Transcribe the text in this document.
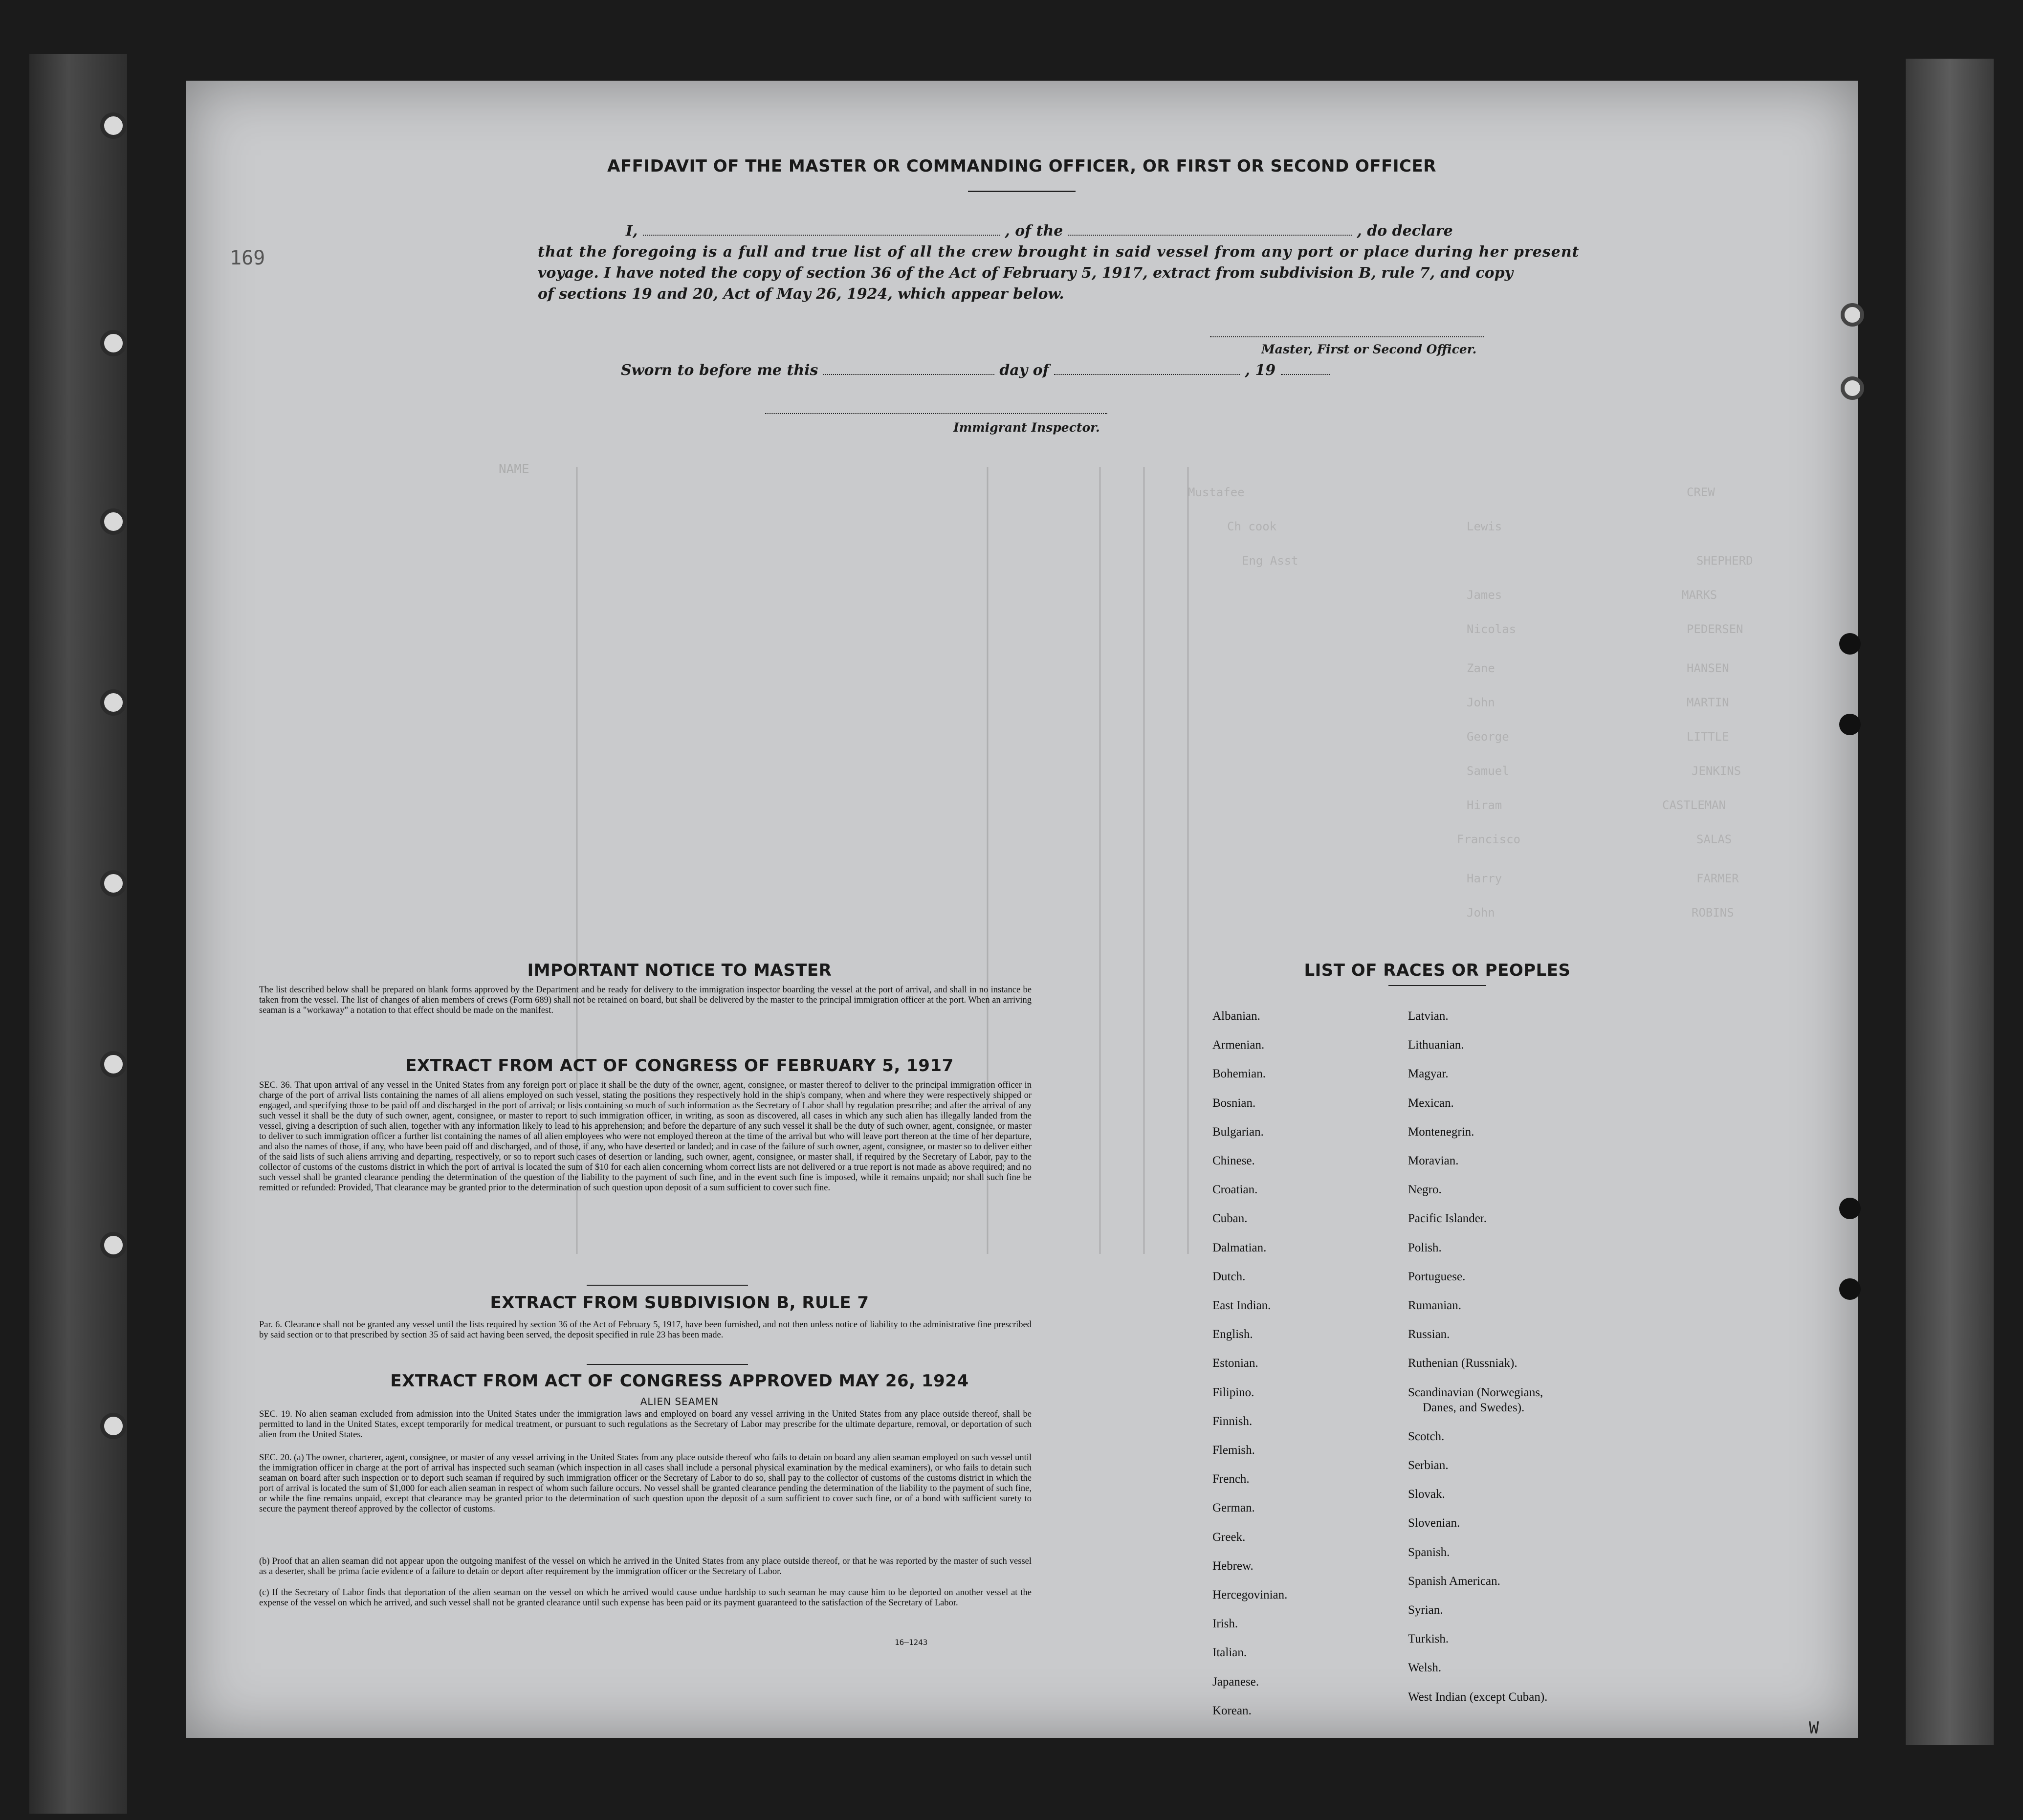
NAME
Mustafee	CREW
Ch cook	Lewis
Eng Asst	SHEPHERD
James	MARKS
Nicolas	PEDERSEN
Zane	HANSEN
John	MARTIN
George	LITTLE
Samuel	JENKINS
Hiram	CASTLEMAN
Francisco	SALAS
Harry	FARMER
John	ROBINS
169
W
AFFIDAVIT OF THE MASTER OR COMMANDING OFFICER, OR FIRST OR SECOND OFFICER
I,	, of the	, do declare
that the foregoing is a full and true list of all the crew brought in said vessel from any port or place during her present
voyage. I have noted the copy of section 36 of the Act of February 5, 1917, extract from subdivision B, rule 7, and copy
of sections 19 and 20, Act of May 26, 1924, which appear below.
Master, First or Second Officer.
Sworn to before me this	day of	, 19
Immigrant Inspector.
IMPORTANT NOTICE TO MASTER
The list described below shall be prepared on blank forms approved by the Department and be ready for delivery to the immigration inspector boarding the vessel at the port of arrival, and shall in no instance be taken from the vessel. The list of changes of alien members of crews (Form 689) shall not be retained on board, but shall be delivered by the master to the principal immigration officer at the port. When an arriving seaman is a "workaway" a notation to that effect should be made on the manifest.
EXTRACT FROM ACT OF CONGRESS OF FEBRUARY 5, 1917
SEC. 36. That upon arrival of any vessel in the United States from any foreign port or place it shall be the duty of the owner, agent, consignee, or master thereof to deliver to the principal immigration officer in charge of the port of arrival lists containing the names of all aliens employed on such vessel, stating the positions they respectively hold in the ship's company, when and where they were respectively shipped or engaged, and specifying those to be paid off and discharged in the port of arrival; or lists containing so much of such information as the Secretary of Labor shall by regulation prescribe; and after the arrival of any such vessel it shall be the duty of such owner, agent, consignee, or master to report to such immigration officer, in writing, as soon as discovered, all cases in which any such alien has illegally landed from the vessel, giving a description of such alien, together with any information likely to lead to his apprehension; and before the departure of any such vessel it shall be the duty of such owner, agent, consignee, or master to deliver to such immigration officer a further list containing the names of all alien employees who were not employed thereon at the time of the arrival but who will leave port thereon at the time of her departure, and also the names of those, if any, who have been paid off and discharged, and of those, if any, who have deserted or landed; and in case of the failure of such owner, agent, consignee, or master so to deliver either of the said lists of such aliens arriving and departing, respectively, or so to report such cases of desertion or landing, such owner, agent, consignee, or master shall, if required by the Secretary of Labor, pay to the collector of customs of the customs district in which the port of arrival is located the sum of $10 for each alien concerning whom correct lists are not delivered or a true report is not made as above required; and no such vessel shall be granted clearance pending the determination of the question of the liability to the payment of such fine, and in the event such fine is imposed, while it remains unpaid; nor shall such fine be remitted or refunded: Provided, That clearance may be granted prior to the determination of such question upon deposit of a sum sufficient to cover such fine.
EXTRACT FROM SUBDIVISION B, RULE 7
Par. 6. Clearance shall not be granted any vessel until the lists required by section 36 of the Act of February 5, 1917, have been furnished, and not then unless notice of liability to the administrative fine prescribed by said section or to that prescribed by section 35 of said act having been served, the deposit specified in rule 23 has been made.
EXTRACT FROM ACT OF CONGRESS APPROVED MAY 26, 1924
ALIEN SEAMEN
SEC. 19. No alien seaman excluded from admission into the United States under the immigration laws and employed on board any vessel arriving in the United States from any place outside thereof, shall be permitted to land in the United States, except temporarily for medical treatment, or pursuant to such regulations as the Secretary of Labor may prescribe for the ultimate departure, removal, or deportation of such alien from the United States.
SEC. 20. (a) The owner, charterer, agent, consignee, or master of any vessel arriving in the United States from any place outside thereof who fails to detain on board any alien seaman employed on such vessel until the immigration officer in charge at the port of arrival has inspected such seaman (which inspection in all cases shall include a personal physical examination by the medical examiners), or who fails to detain such seaman on board after such inspection or to deport such seaman if required by such immigration officer or the Secretary of Labor to do so, shall pay to the collector of customs of the customs district in which the port of arrival is located the sum of $1,000 for each alien seaman in respect of whom such failure occurs. No vessel shall be granted clearance pending the determination of the liability to the payment of such fine, or while the fine remains unpaid, except that clearance may be granted prior to the determination of such question upon the deposit of a sum sufficient to cover such fine, or of a bond with sufficient surety to secure the payment thereof approved by the collector of customs.
(b) Proof that an alien seaman did not appear upon the outgoing manifest of the vessel on which he arrived in the United States from any place outside thereof, or that he was reported by the master of such vessel as a deserter, shall be prima facie evidence of a failure to detain or deport after requirement by the immigration officer or the Secretary of Labor.
(c) If the Secretary of Labor finds that deportation of the alien seaman on the vessel on which he arrived would cause undue hardship to such seaman he may cause him to be deported on another vessel at the expense of the vessel on which he arrived, and such vessel shall not be granted clearance until such expense has been paid or its payment guaranteed to the satisfaction of the Secretary of Labor.
16—1243
LIST OF RACES OR PEOPLES
Albanian.
Armenian.
Bohemian.
Bosnian.
Bulgarian.
Chinese.
Croatian.
Cuban.
Dalmatian.
Dutch.
East Indian.
English.
Estonian.
Filipino.
Finnish.
Flemish.
French.
German.
Greek.
Hebrew.
Hercegovinian.
Irish.
Italian.
Japanese.
Korean.
Latvian.
Lithuanian.
Magyar.
Mexican.
Montenegrin.
Moravian.
Negro.
Pacific Islander.
Polish.
Portuguese.
Rumanian.
Russian.
Ruthenian (Russniak).
Scandinavian (Norwegians,
Danes, and Swedes).
Scotch.
Serbian.
Slovak.
Slovenian.
Spanish.
Spanish American.
Syrian.
Turkish.
Welsh.
West Indian (except Cuban).
